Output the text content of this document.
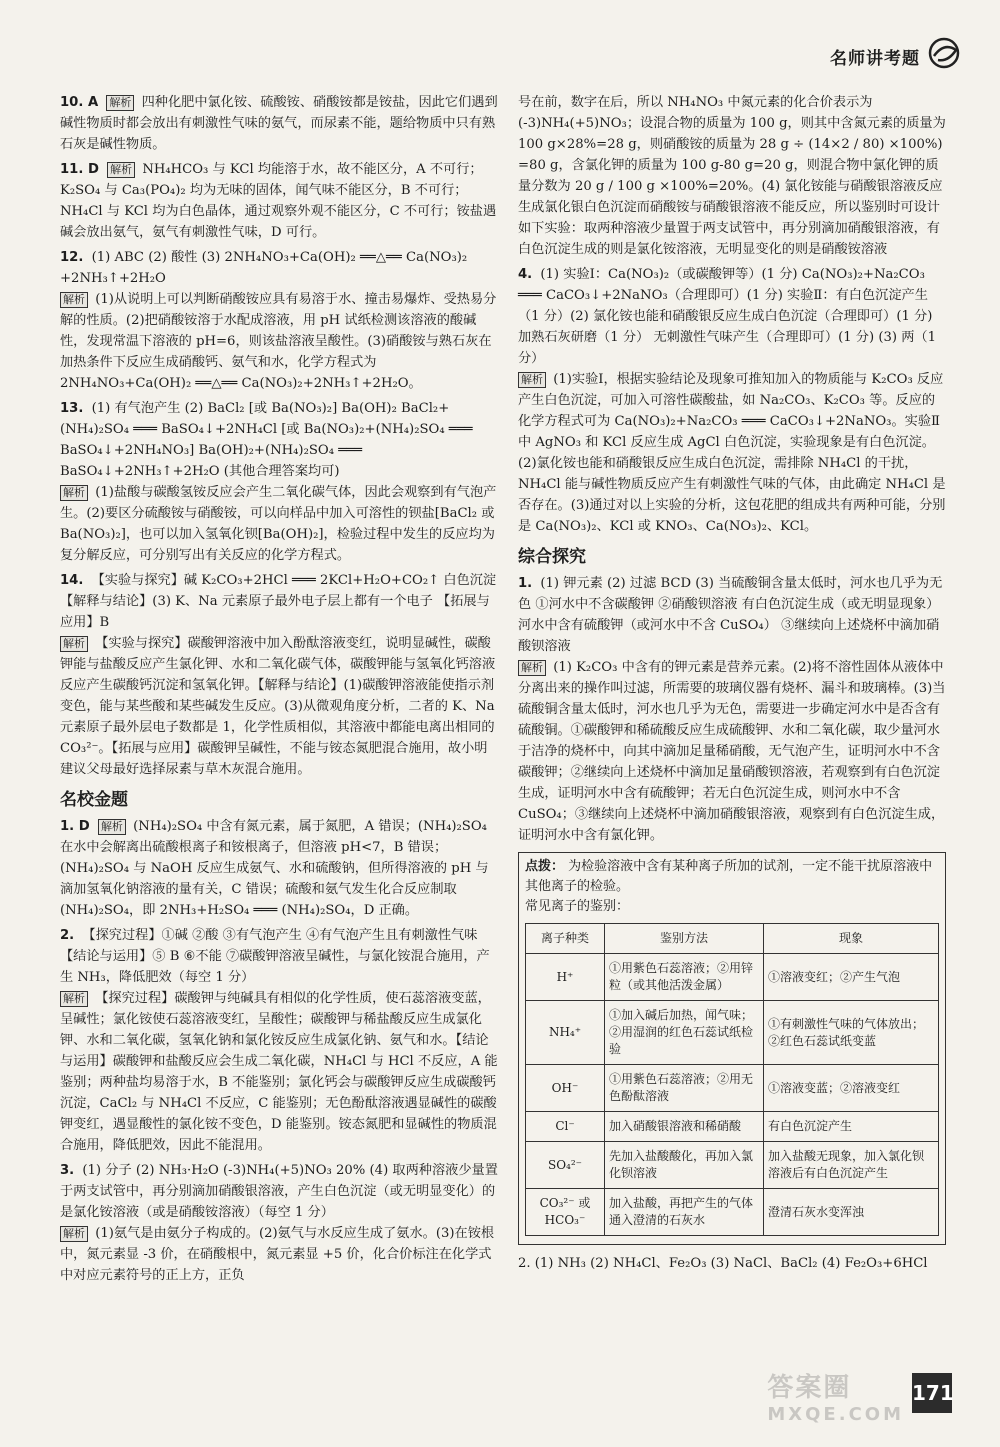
名师讲考题
10. A 解析 四种化肥中氯化铵、硫酸铵、硝酸铵都是铵盐，因此它们遇到碱性物质时都会放出有刺激性气味的氨气，而尿素不能，题给物质中只有熟石灰是碱性物质。
11. D 解析 NH₄HCO₃ 与 KCl 均能溶于水，故不能区分，A 不可行；K₂SO₄ 与 Ca₃(PO₄)₂ 均为无味的固体，闻气味不能区分，B 不可行；NH₄Cl 与 KCl 均为白色晶体，通过观察外观不能区分，C 不可行；铵盐遇碱会放出氨气，氨气有刺激性气味，D 可行。
12. (1) ABC (2) 酸性 (3) 2NH₄NO₃+Ca(OH)₂ ══△══ Ca(NO₃)₂ +2NH₃↑+2H₂O
解析 (1)从说明上可以判断硝酸铵应具有易溶于水、撞击易爆炸、受热易分解的性质。(2)把硝酸铵溶于水配成溶液，用 pH 试纸检测该溶液的酸碱性，发现常温下溶液的 pH=6，则该盐溶液呈酸性。(3)硝酸铵与熟石灰在加热条件下反应生成硝酸钙、氨气和水，化学方程式为 2NH₄NO₃+Ca(OH)₂ ══△══ Ca(NO₃)₂+2NH₃↑+2H₂O。
13. (1) 有气泡产生 (2) BaCl₂ [或 Ba(NO₃)₂] Ba(OH)₂ BaCl₂+(NH₄)₂SO₄ ═══ BaSO₄↓+2NH₄Cl [或 Ba(NO₃)₂+(NH₄)₂SO₄ ═══ BaSO₄↓+2NH₄NO₃] Ba(OH)₂+(NH₄)₂SO₄ ═══ BaSO₄↓+2NH₃↑+2H₂O (其他合理答案均可)
解析 (1)盐酸与碳酸氢铵反应会产生二氧化碳气体，因此会观察到有气泡产生。(2)要区分硫酸铵与硝酸铵，可以向样品中加入可溶性的钡盐[BaCl₂ 或 Ba(NO₃)₂]，也可以加入氢氧化钡[Ba(OH)₂]，检验过程中发生的反应均为复分解反应，可分别写出有关反应的化学方程式。
14. 【实验与探究】碱 K₂CO₃+2HCl ═══ 2KCl+H₂O+CO₂↑ 白色沉淀 【解释与结论】(3) K、Na 元素原子最外电子层上都有一个电子 【拓展与应用】B
解析 【实验与探究】碳酸钾溶液中加入酚酞溶液变红，说明显碱性，碳酸钾能与盐酸反应产生氯化钾、水和二氧化碳气体，碳酸钾能与氢氧化钙溶液反应产生碳酸钙沉淀和氢氧化钾。【解释与结论】(1)碳酸钾溶液能使指示剂变色，能与某些酸和某些碱发生反应。(3)从微观角度分析，二者的 K、Na 元素原子最外层电子数都是 1，化学性质相似，其溶液中都能电离出相同的 CO₃²⁻。【拓展与应用】碳酸钾呈碱性，不能与铵态氮肥混合施用，故小明建议父母最好选择尿素与草木灰混合施用。
名校金题
1. D 解析 (NH₄)₂SO₄ 中含有氮元素，属于氮肥，A 错误；(NH₄)₂SO₄ 在水中会解离出硫酸根离子和铵根离子，但溶液 pH<7，B 错误；(NH₄)₂SO₄ 与 NaOH 反应生成氨气、水和硫酸钠，但所得溶液的 pH 与滴加氢氧化钠溶液的量有关，C 错误；硫酸和氨气发生化合反应制取 (NH₄)₂SO₄，即 2NH₃+H₂SO₄ ═══ (NH₄)₂SO₄，D 正确。
2. 【探究过程】①碱 ②酸 ③有气泡产生 ④有气泡产生且有刺激性气味 【结论与运用】⑤ B ⑥不能 ⑦碳酸钾溶液呈碱性，与氯化铵混合施用，产生 NH₃，降低肥效（每空 1 分）
解析 【探究过程】碳酸钾与纯碱具有相似的化学性质，使石蕊溶液变蓝，呈碱性；氯化铵使石蕊溶液变红，呈酸性；碳酸钾与稀盐酸反应生成氯化钾、水和二氧化碳，氢氧化钠和氯化铵反应生成氯化钠、氨气和水。【结论与运用】碳酸钾和盐酸反应会生成二氧化碳，NH₄Cl 与 HCl 不反应，A 能鉴别；两种盐均易溶于水，B 不能鉴别；氯化钙会与碳酸钾反应生成碳酸钙沉淀，CaCl₂ 与 NH₄Cl 不反应，C 能鉴别；无色酚酞溶液遇显碱性的碳酸钾变红，遇显酸性的氯化铵不变色，D 能鉴别。铵态氮肥和显碱性的物质混合施用，降低肥效，因此不能混用。
3. (1) 分子 (2) NH₃·H₂O (-3)NH₄(+5)NO₃ 20% (4) 取两种溶液少量置于两支试管中，再分别滴加硝酸银溶液，产生白色沉淀（或无明显变化）的是氯化铵溶液（或是硝酸铵溶液）（每空 1 分）
解析 (1)氨气是由氨分子构成的。(2)氨气与水反应生成了氨水。(3)在铵根中，氮元素显 -3 价，在硝酸根中，氮元素显 +5 价，化合价标注在化学式中对应元素符号的正上方，正负
号在前，数字在后，所以 NH₄NO₃ 中氮元素的化合价表示为 (-3)NH₄(+5)NO₃；设混合物的质量为 100 g，则其中含氮元素的质量为 100 g×28%=28 g，则硝酸铵的质量为 28 g ÷ (14×2 / 80) ×100%) =80 g，含氯化钾的质量为 100 g-80 g=20 g，则混合物中氯化钾的质量分数为 20 g / 100 g ×100%=20%。(4) 氯化铵能与硝酸银溶液反应生成氯化银白色沉淀而硝酸铵与硝酸银溶液不能反应，所以鉴别时可设计如下实验：取两种溶液少量置于两支试管中，再分别滴加硝酸银溶液，有白色沉淀生成的则是氯化铵溶液，无明显变化的则是硝酸铵溶液
4. (1) 实验Ⅰ：Ca(NO₃)₂（或碳酸钾等）(1 分) Ca(NO₃)₂+Na₂CO₃ ═══ CaCO₃↓+2NaNO₃（合理即可）(1 分) 实验Ⅱ：有白色沉淀产生（1 分）(2) 氯化铵也能和硝酸银反应生成白色沉淀（合理即可）(1 分) 加熟石灰研磨（1 分） 无刺激性气味产生（合理即可）(1 分) (3) 两（1 分）
解析 (1)实验Ⅰ，根据实验结论及现象可推知加入的物质能与 K₂CO₃ 反应产生白色沉淀，可加入可溶性碳酸盐，如 Na₂CO₃、K₂CO₃ 等。反应的化学方程式可为 Ca(NO₃)₂+Na₂CO₃ ═══ CaCO₃↓+2NaNO₃。实验Ⅱ中 AgNO₃ 和 KCl 反应生成 AgCl 白色沉淀，实验现象是有白色沉淀。(2)氯化铵也能和硝酸银反应生成白色沉淀，需排除 NH₄Cl 的干扰，NH₄Cl 能与碱性物质反应产生有刺激性气味的气体，由此确定 NH₄Cl 是否存在。(3)通过对以上实验的分析，这包花肥的组成共有两种可能，分别是 Ca(NO₃)₂、KCl 或 KNO₃、Ca(NO₃)₂、KCl。
综合探究
1. (1) 钾元素 (2) 过滤 BCD (3) 当硫酸铜含量太低时，河水也几乎为无色 ①河水中不含碳酸钾 ②硝酸钡溶液 有白色沉淀生成（或无明显现象） 河水中含有硫酸钾（或河水中不含 CuSO₄） ③继续向上述烧杯中滴加硝酸钡溶液
解析 (1) K₂CO₃ 中含有的钾元素是营养元素。(2)将不溶性固体从液体中分离出来的操作叫过滤，所需要的玻璃仪器有烧杯、漏斗和玻璃棒。(3)当硫酸铜含量太低时，河水也几乎为无色，需要进一步确定河水中是否含有硫酸铜。①碳酸钾和稀硫酸反应生成硫酸钾、水和二氧化碳，取少量河水于洁净的烧杯中，向其中滴加足量稀硝酸，无气泡产生，证明河水中不含碳酸钾；②继续向上述烧杯中滴加足量硝酸钡溶液，若观察到有白色沉淀生成，证明河水中含有硫酸钾；若无白色沉淀生成，则河水中不含 CuSO₄；③继续向上述烧杯中滴加硝酸银溶液，观察到有白色沉淀生成，证明河水中含有氯化钾。
点拨： 为检验溶液中含有某种离子所加的试剂，一定不能干扰原溶液中其他离子的检验。
常见离子的鉴别：
离子种类	鉴别方法	现象
H⁺	①用紫色石蕊溶液；②用锌粒（或其他活泼金属）	①溶液变红；②产生气泡
NH₄⁺	①加入碱后加热，闻气味；②用湿润的红色石蕊试纸检验	①有刺激性气味的气体放出；②红色石蕊试纸变蓝
OH⁻	①用紫色石蕊溶液；②用无色酚酞溶液	①溶液变蓝；②溶液变红
Cl⁻	加入硝酸银溶液和稀硝酸	有白色沉淀产生
SO₄²⁻	先加入盐酸酸化，再加入氯化钡溶液	加入盐酸无现象，加入氯化钡溶液后有白色沉淀产生
CO₃²⁻ 或 HCO₃⁻	加入盐酸，再把产生的气体通入澄清的石灰水	澄清石灰水变浑浊
2. (1) NH₃ (2) NH₄Cl、Fe₂O₃ (3) NaCl、BaCl₂ (4) Fe₂O₃+6HCl
答案圈
MXQE.COM
171
